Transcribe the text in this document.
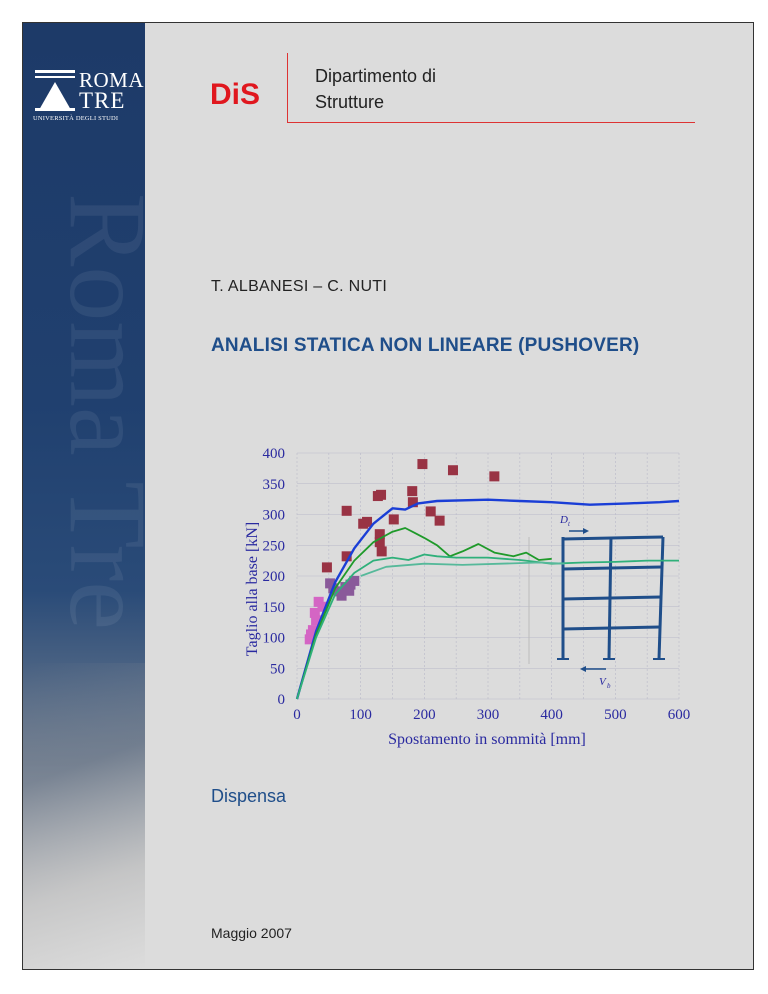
Roma Tre
ROMA
TRE
UNIVERSITÀ DEGLI STUDI
DiS
Dipartimento di
Strutture
T. ALBANESI – C. NUTI
ANALISI STATICA NON LINEARE (PUSHOVER)
0	100	200	300	400	500	600
0
50
100
150
200
250
300
350
400
D t
V b
Spostamento in sommità [mm]
Taglio alla base [kN]
Dispensa
Maggio 2007
